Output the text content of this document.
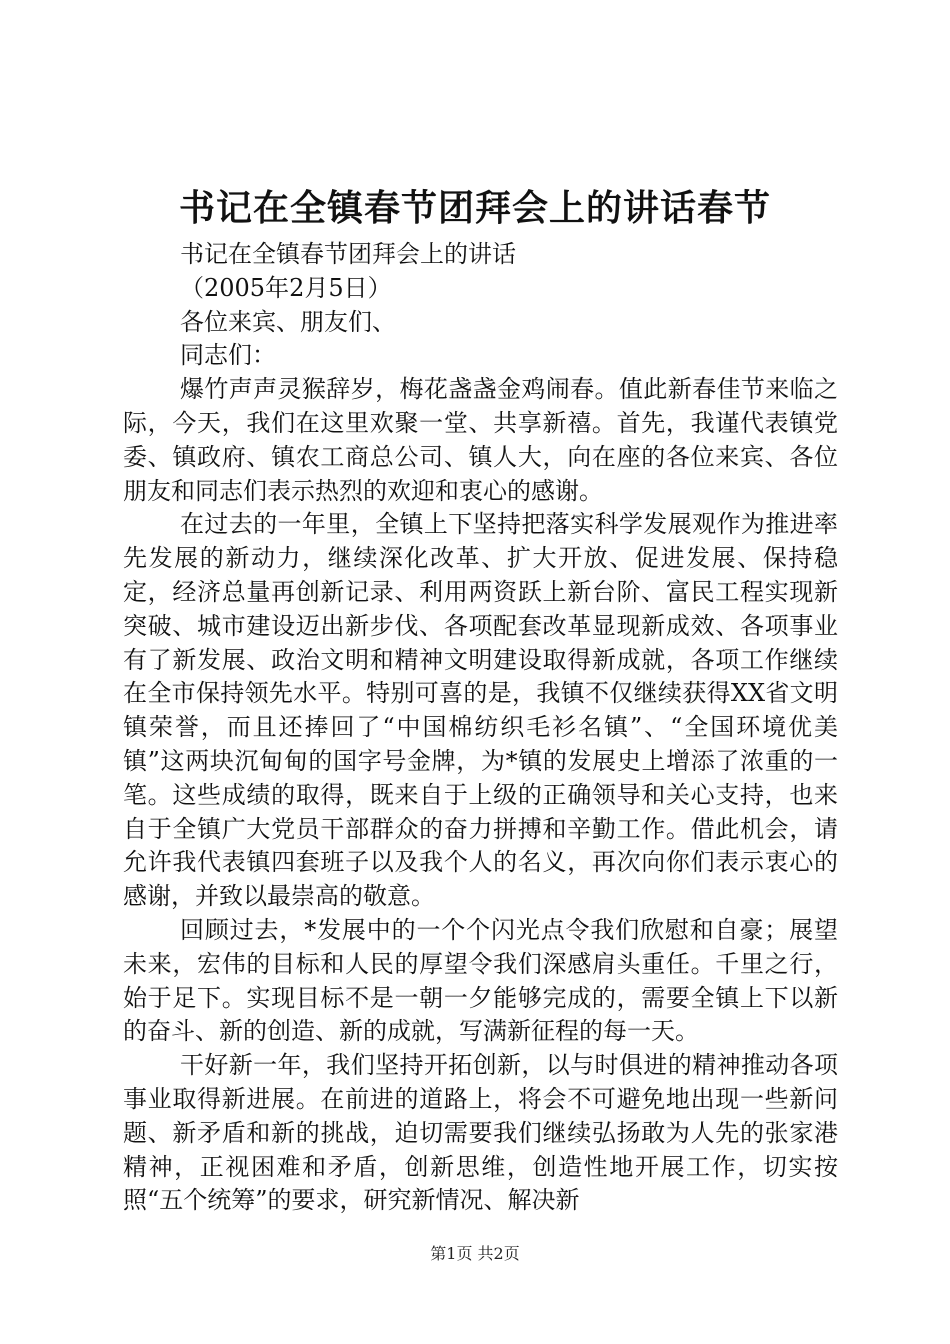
书记在全镇春节团拜会上的讲话春节
书记在全镇春节团拜会上的讲话
（2005年2月5日）
各位来宾、朋友们、
同志们：

爆竹声声灵猴辞岁，梅花盏盏金鸡闹春。值此新春佳节来临之际，今天，我们在这里欢聚一堂、共享新禧。首先，我谨代表镇党委、镇政府、镇农工商总公司、镇人大，向在座的各位来宾、各位朋友和同志们表示热烈的欢迎和衷心的感谢。

在过去的一年里，全镇上下坚持把落实科学发展观作为推进率先发展的新动力，继续深化改革、扩大开放、促进发展、保持稳定，经济总量再创新记录、利用两资跃上新台阶、富民工程实现新突破、城市建设迈出新步伐、各项配套改革显现新成效、各项事业有了新发展、政治文明和精神文明建设取得新成就，各项工作继续在全市保持领先水平。特别可喜的是，我镇不仅继续获得XX省文明镇荣誉，而且还捧回了“中国棉纺织毛衫名镇”、“全国环境优美镇”这两块沉甸甸的国字号金牌，为*镇的发展史上增添了浓重的一笔。这些成绩的取得，既来自于上级的正确领导和关心支持，也来自于全镇广大党员干部群众的奋力拼搏和辛勤工作。借此机会，请允许我代表镇四套班子以及我个人的名义，再次向你们表示衷心的感谢，并致以最崇高的敬意。

回顾过去，*发展中的一个个闪光点令我们欣慰和自豪；展望未来，宏伟的目标和人民的厚望令我们深感肩头重任。千里之行，始于足下。实现目标不是一朝一夕能够完成的，需要全镇上下以新的奋斗、新的创造、新的成就，写满新征程的每一天。

干好新一年，我们坚持开拓创新，以与时俱进的精神推动各项事业取得新进展。在前进的道路上，将会不可避免地出现一些新问题、新矛盾和新的挑战，迫切需要我们继续弘扬敢为人先的张家港精神，正视困难和矛盾，创新思维，创造性地开展工作，切实按照“五个统筹”的要求，研究新情况、解决新

第1页 共2页
